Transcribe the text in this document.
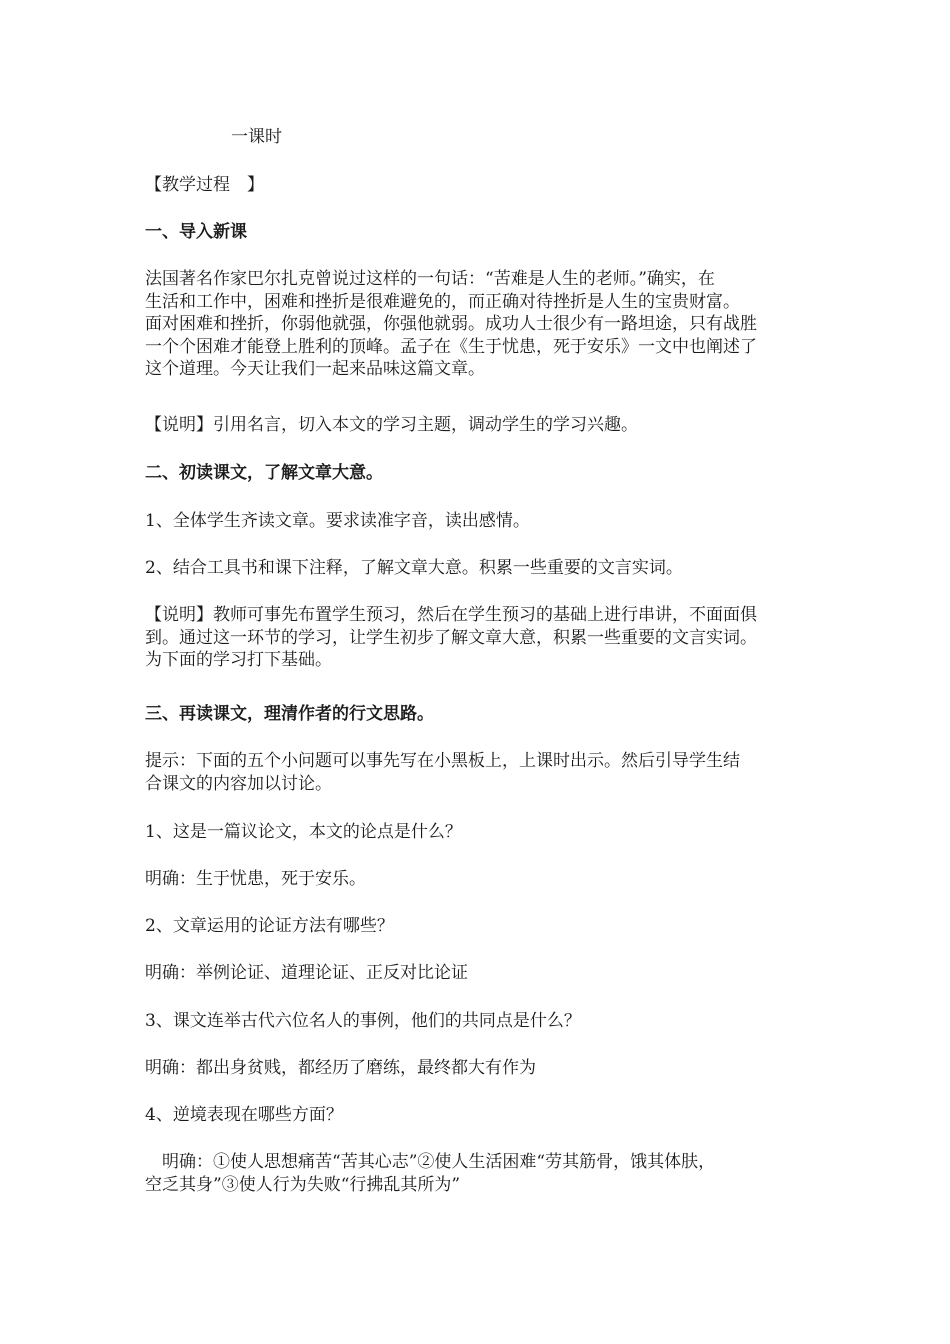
一课时

【教学过程　】

一、导入新课

法国著名作家巴尔扎克曾说过这样的一句话：“苦难是人生的老师。”确实，在
生活和工作中，困难和挫折是很难避免的，而正确对待挫折是人生的宝贵财富。
面对困难和挫折，你弱他就强，你强他就弱。成功人士很少有一路坦途，只有战胜
一个个困难才能登上胜利的顶峰。孟子在《生于忧患，死于安乐》一文中也阐述了
这个道理。今天让我们一起来品味这篇文章。

【说明】引用名言，切入本文的学习主题，调动学生的学习兴趣。

二、初读课文，了解文章大意。

1、全体学生齐读文章。要求读准字音，读出感情。

2、结合工具书和课下注释，了解文章大意。积累一些重要的文言实词。

【说明】教师可事先布置学生预习，然后在学生预习的基础上进行串讲，不面面俱
到。通过这一环节的学习，让学生初步了解文章大意，积累一些重要的文言实词。
为下面的学习打下基础。

三、再读课文，理清作者的行文思路。

提示：下面的五个小问题可以事先写在小黑板上，上课时出示。然后引导学生结
合课文的内容加以讨论。

1、这是一篇议论文，本文的论点是什么？

明确：生于忧患，死于安乐。

2、文章运用的论证方法有哪些？

明确：举例论证、道理论证、正反对比论证

3、课文连举古代六位名人的事例，他们的共同点是什么？

明确：都出身贫贱，都经历了磨练，最终都大有作为

4、逆境表现在哪些方面？

　明确：①使人思想痛苦“苦其心志”②使人生活困难“劳其筋骨，饿其体肤，
空乏其身”③使人行为失败“行拂乱其所为”
